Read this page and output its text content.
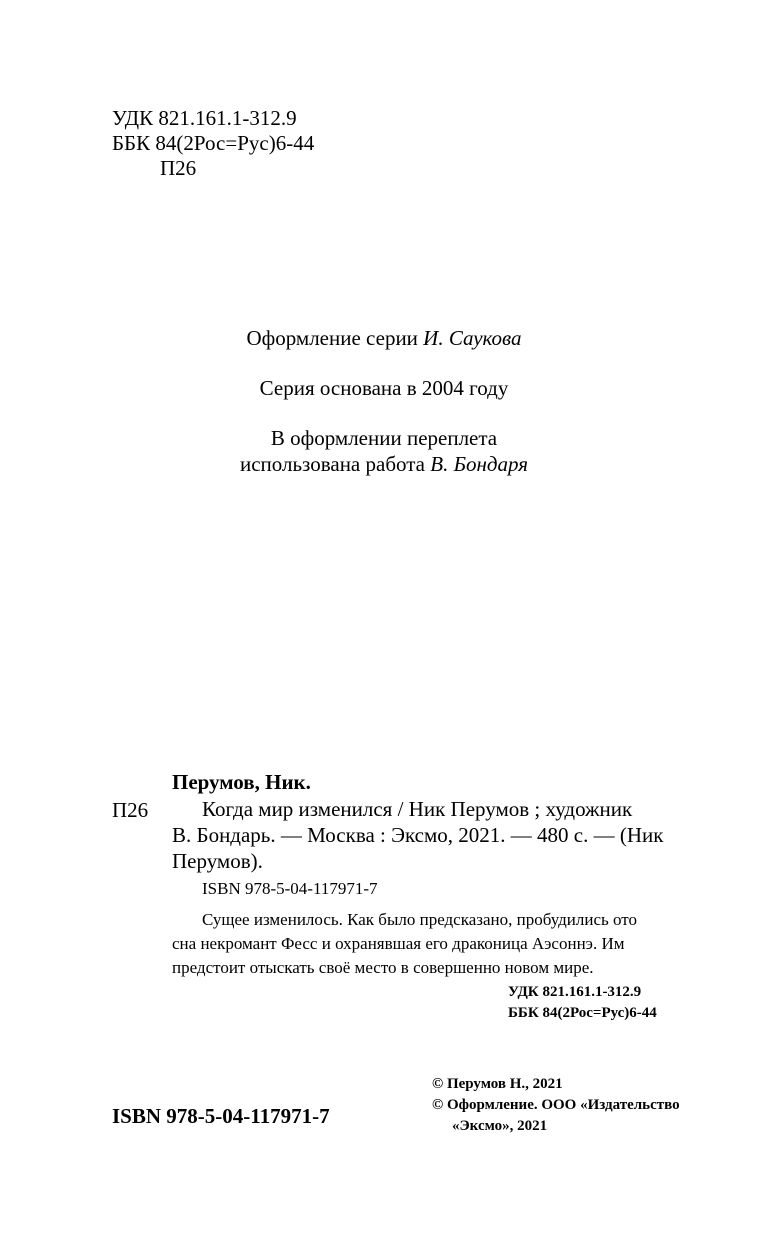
УДК 821.161.1-312.9
ББК 84(2Рос=Рус)6-44
П26
Оформление серии И. Саукова
Серия основана в 2004 году
В оформлении переплета
использована работа В. Бондаря
Перумов, Ник.
П26	Когда мир изменился / Ник Перумов ; художник
В. Бондарь. — Москва : Эксмо, 2021. — 480 с. — (Ник
Перумов).
ISBN 978-5-04-117971-7
Сущее изменилось. Как было предсказано, пробудились ото
сна некромант Фесс и охранявшая его драконица Аэсоннэ. Им
предстоит отыскать своё место в совершенно новом мире.
УДК 821.161.1-312.9
ББК 84(2Рос=Рус)6-44
© Перумов Н., 2021
© Оформление. ООО «Издательство
«Эксмо», 2021
ISBN 978-5-04-117971-7
